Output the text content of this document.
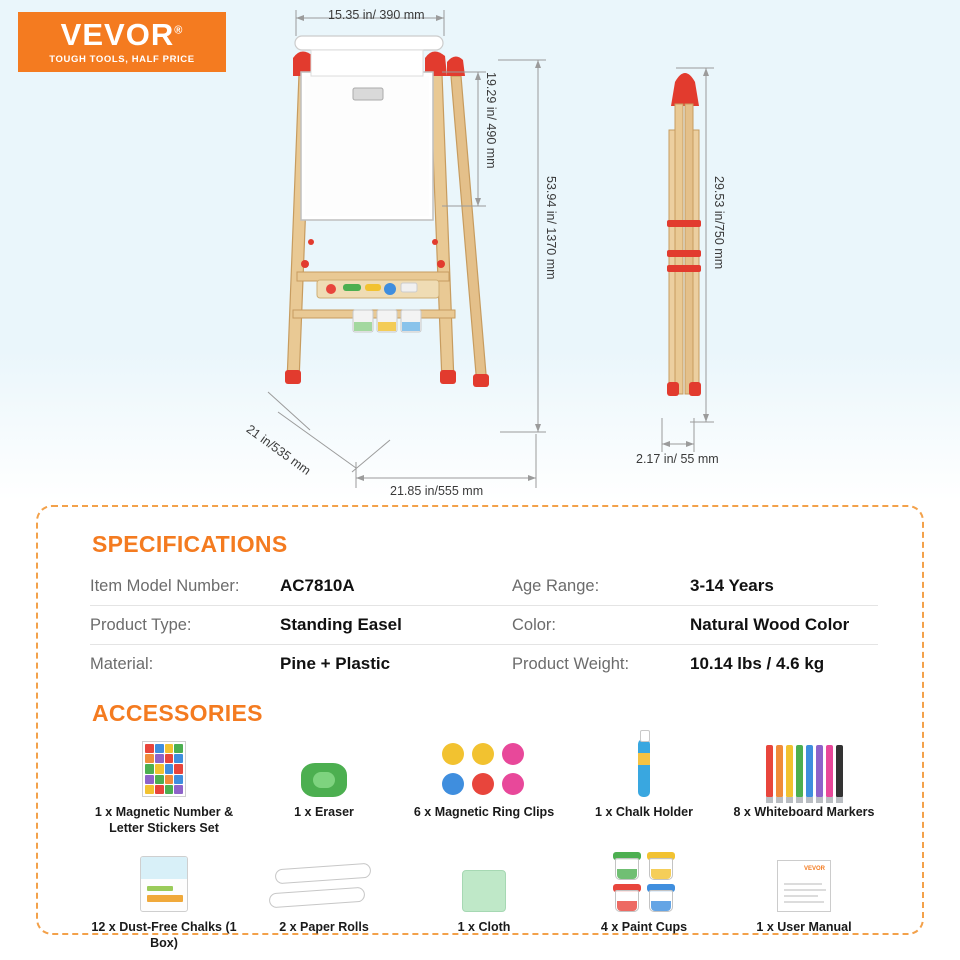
VEVOR®
TOUGH TOOLS, HALF PRICE
15.35 in/ 390 mm
19.29 in/ 490 mm
53.94 in/ 1370 mm
21 in/535 mm
21.85 in/555 mm
29.53 in/750 mm
2.17 in/ 55 mm
SPECIFICATIONS
Item Model Number:	AC7810A	Age Range:	3-14 Years
Product Type:	Standing Easel	Color:	Natural Wood Color
Material:	Pine + Plastic	Product Weight:	10.14 lbs / 4.6 kg
ACCESSORIES
1 x Magnetic Number & Letter Stickers Set
1 x Eraser	6 x Magnetic Ring Clips	1 x Chalk Holder	8 x Whiteboard Markers
12 x Dust-Free Chalks (1 Box)
2 x Paper Rolls	1 x Cloth	4 x Paint Cups
VEVOR
1 x User Manual
